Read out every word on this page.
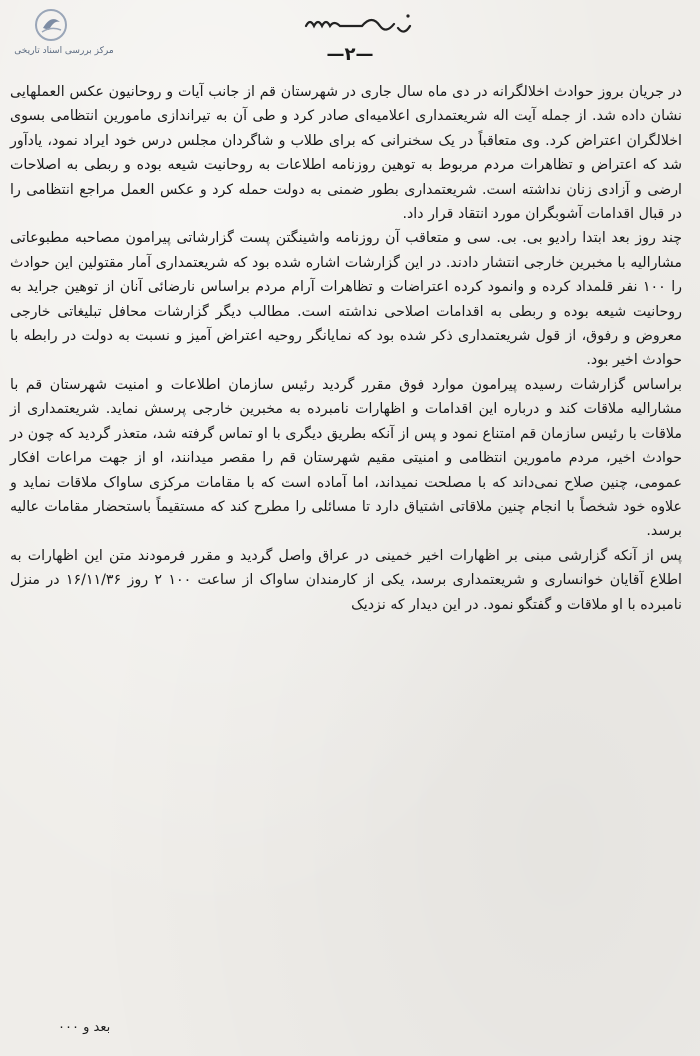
مرکز بررسی اسناد تاریخی	—۲—

در جریان بروز حوادث اخلالگرانه در دی ماه سال جاری در شهرستان قم از جانب آیات و روحانیون عکس العملهایی نشان داده شد. از جمله آیت اله شریعتمداری اعلامیه‌ای صادر کرد و طی آن به تیراندازی مامورین انتظامی بسوی اخلالگران اعتراض کرد. وی متعاقباً در یک سخنرانی که برای طلاب و شاگردان مجلس درس خود ایراد نمود، یادآور شد که اعتراض و تظاهرات مردم مربوط به توهین روزنامه اطلاعات به روحانیت شیعه بوده و ربطی به اصلاحات ارضی و آزادی زنان نداشته است. شریعتمداری بطور ضمنی به دولت حمله کرد و عکس العمل مراجع انتظامی را در قبال اقدامات آشوبگران مورد انتقاد قرار داد.

چند روز بعد ابتدا رادیو بی. بی. سی و متعاقب آن روزنامه واشینگتن پست گزارشاتی پیرامون مصاحبه مطبوعاتی مشارالیه با مخبرین خارجی انتشار دادند. در این گزارشات اشاره شده بود که شریعتمداری آمار مقتولین این حوادث را ۱۰۰ نفر قلمداد کرده و وانمود کرده اعتراضات و تظاهرات آرام مردم براساس نارضائی آنان از توهین جراید به روحانیت شیعه بوده و ربطی به اقدامات اصلاحی نداشته است. مطالب دیگر گزارشات محافل تبلیغاتی خارجی معروض و رفوق، از قول شریعتمداری ذکر شده بود که نمایانگر روحیه اعتراض آمیز و نسبت به دولت در رابطه با حوادث اخیر بود.

براساس گزارشات رسیده پیرامون موارد فوق مقرر گردید رئیس سازمان اطلاعات و امنیت شهرستان قم با مشارالیه ملاقات کند و درباره این اقدامات و اظهارات نامبرده به مخبرین خارجی پرسش نماید. شریعتمداری از ملاقات با رئیس سازمان قم امتناع نمود و پس از آنکه بطریق دیگری با او تماس گرفته شد، متعذر گردید که چون در حوادث اخیر، مردم مامورین انتظامی و امنیتی مقیم شهرستان قم را مقصر میدانند، او از جهت مراعات افکار عمومی، چنین صلاح نمی‌داند که با مصلحت نمیداند، اما آماده است که با مقامات مرکزی ساواک ملاقات نماید و علاوه خود شخصاً با انجام چنین ملاقاتی اشتیاق دارد تا مسائلی را مطرح کند که مستقیماً باستحضار مقامات عالیه برسد.

پس از آنکه گزارشی مبنی بر اظهارات اخیر خمینی در عراق واصل گردید و مقرر فرمودند متن این اظهارات به اطلاع آقایان خوانساری و شریعتمداری برسد، یکی از کارمندان ساواک از ساعت ۱۰۰ ۲ روز ۱۶/۱۱/۳۶ در منزل نامبرده با او ملاقات و گفتگو نمود. در این دیدار که نزدیک

بعد و ۰۰۰
